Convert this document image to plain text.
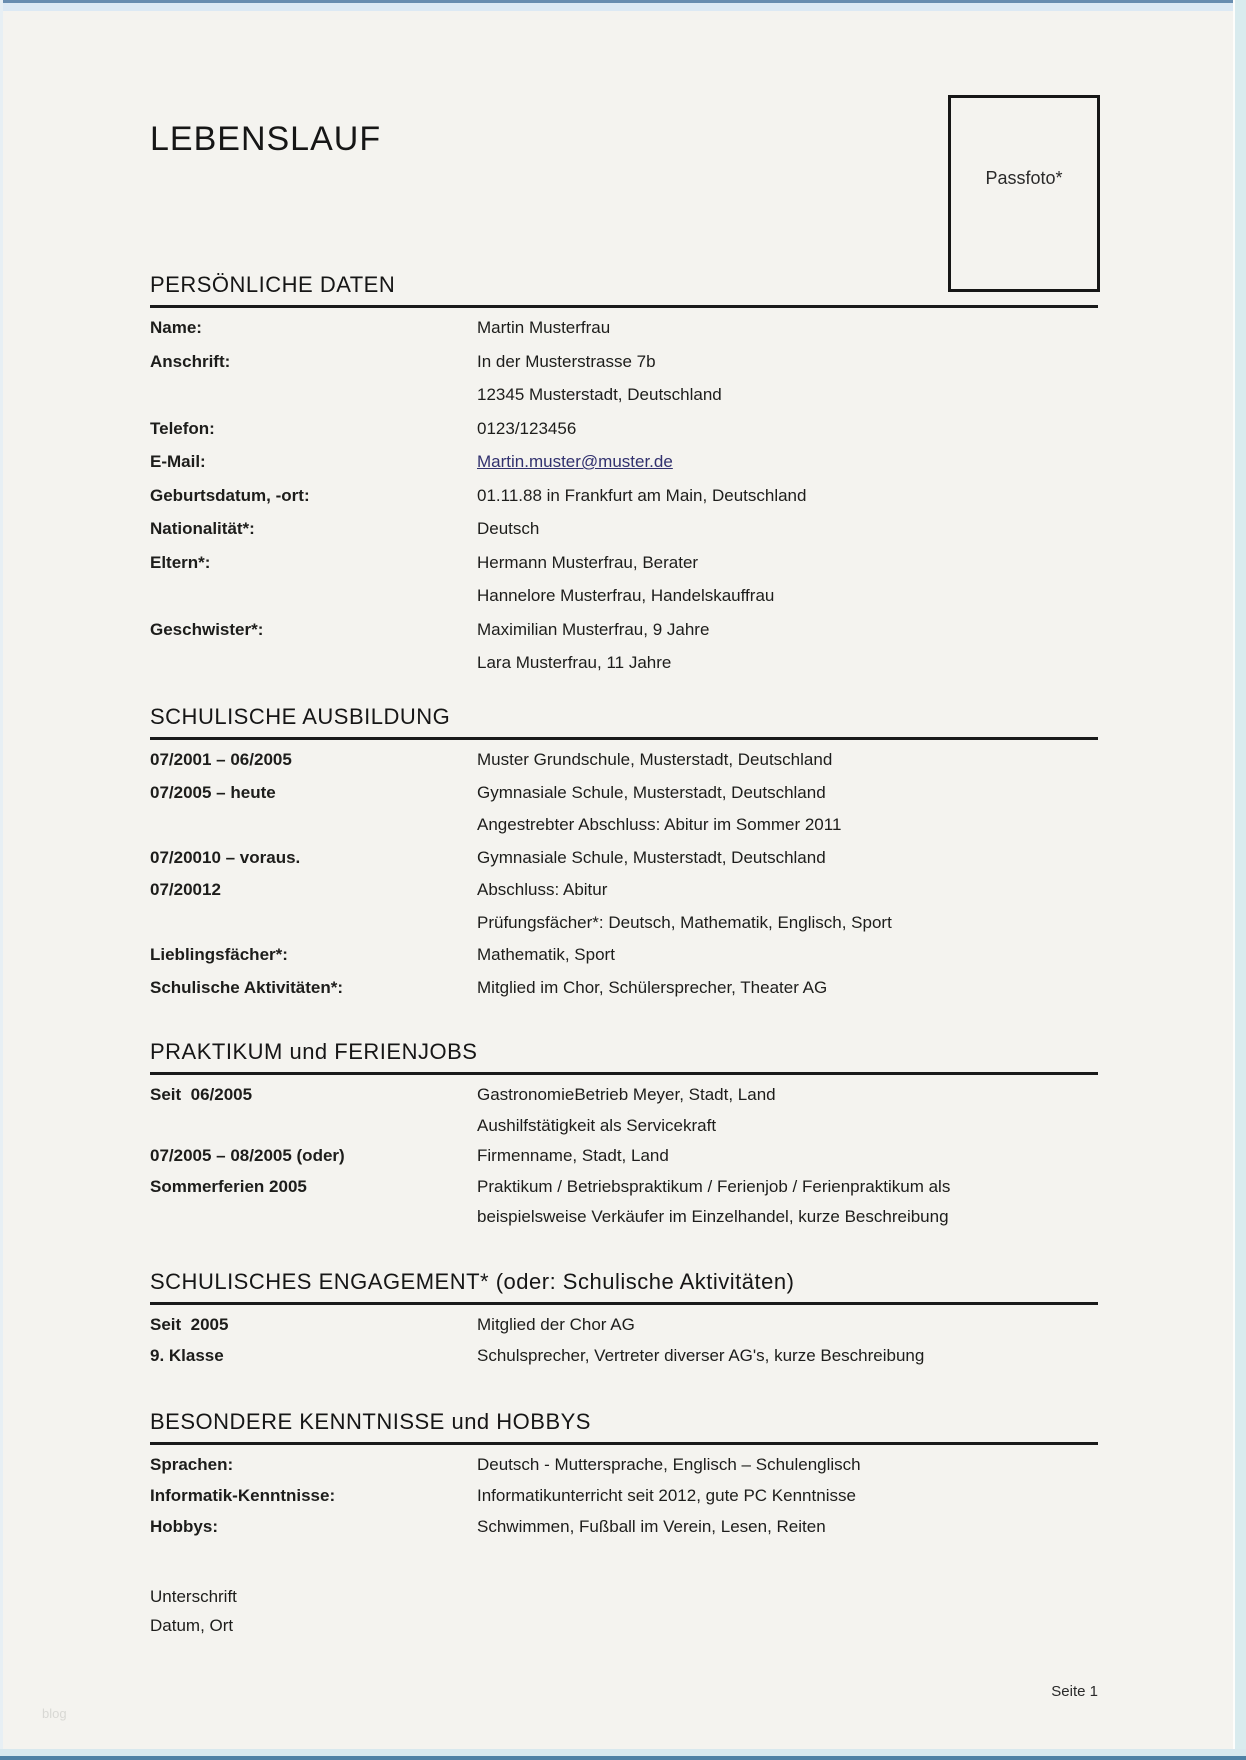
LEBENSLAUF
Passfoto*
PERSÖNLICHE DATEN
Name:	Martin Musterfrau
Anschrift:	In der Musterstrasse 7b
12345 Musterstadt, Deutschland
Telefon:	0123/123456
E-Mail:	Martin.muster@muster.de
Geburtsdatum, -ort:	01.11.88 in Frankfurt am Main, Deutschland
Nationalität*:	Deutsch
Eltern*:	Hermann Musterfrau, Berater
Hannelore Musterfrau, Handelskauffrau
Geschwister*:	Maximilian Musterfrau, 9 Jahre
Lara Musterfrau, 11 Jahre
SCHULISCHE AUSBILDUNG
07/2001 – 06/2005	Muster Grundschule, Musterstadt, Deutschland
07/2005 – heute	Gymnasiale Schule, Musterstadt, Deutschland
Angestrebter Abschluss: Abitur im Sommer 2011
07/20010 – voraus.	Gymnasiale Schule, Musterstadt, Deutschland
07/20012	Abschluss: Abitur
Prüfungsfächer*: Deutsch, Mathematik, Englisch, Sport
Lieblingsfächer*:	Mathematik, Sport
Schulische Aktivitäten*:	Mitglied im Chor, Schülersprecher, Theater AG
PRAKTIKUM und FERIENJOBS
Seit  06/2005	GastronomieBetrieb Meyer, Stadt, Land
Aushilfstätigkeit als Servicekraft
07/2005 – 08/2005 (oder)	Firmenname, Stadt, Land
Sommerferien 2005	Praktikum / Betriebspraktikum / Ferienjob / Ferienpraktikum als
beispielsweise Verkäufer im Einzelhandel, kurze Beschreibung
SCHULISCHES ENGAGEMENT* (oder: Schulische Aktivitäten)
Seit  2005	Mitglied der Chor AG
9. Klasse	Schulsprecher, Vertreter diverser AG's, kurze Beschreibung
BESONDERE KENNTNISSE und HOBBYS
Sprachen:	Deutsch - Muttersprache, Englisch – Schulenglisch
Informatik-Kenntnisse:	Informatikunterricht seit 2012, gute PC Kenntnisse
Hobbys:	Schwimmen, Fußball im Verein, Lesen, Reiten
Unterschrift
Datum, Ort
Seite 1
blog
